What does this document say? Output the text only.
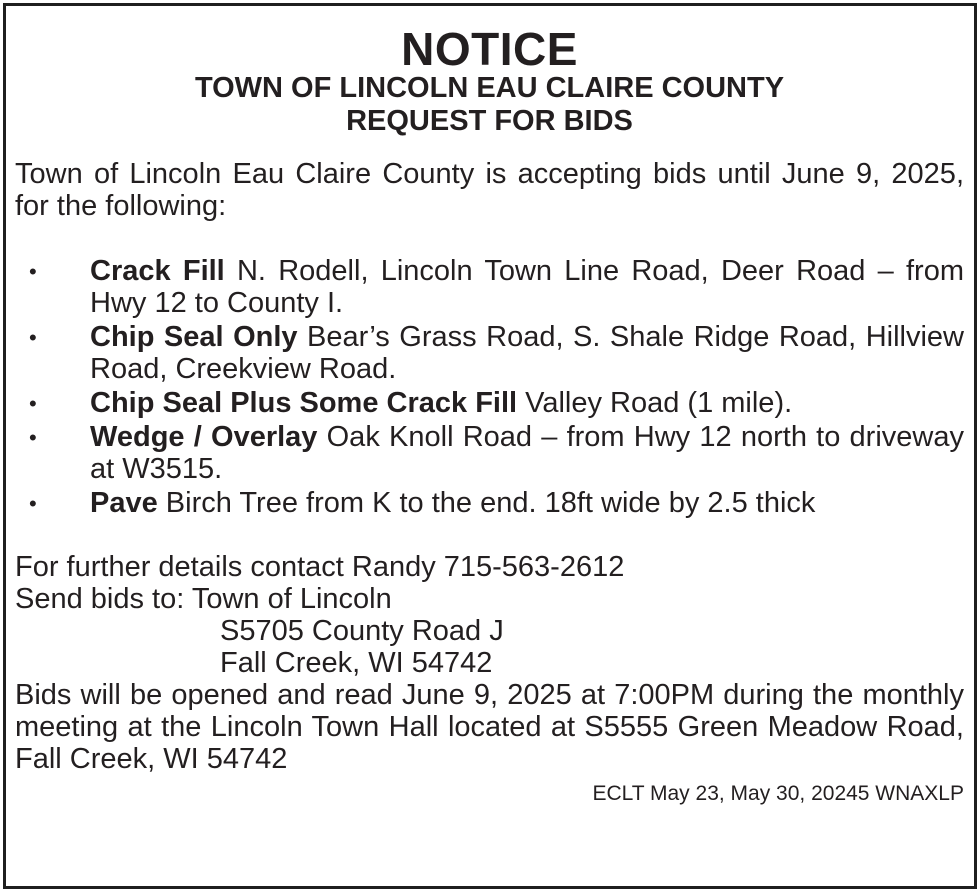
NOTICE
TOWN OF LINCOLN EAU CLAIRE COUNTY
REQUEST FOR BIDS

Town of Lincoln Eau Claire County is accepting bids until June 9, 2025, for the following:

• Crack Fill N. Rodell, Lincoln Town Line Road, Deer Road – from Hwy 12 to County I.
• Chip Seal Only Bear’s Grass Road, S. Shale Ridge Road, Hillview Road, Creekview Road.
• Chip Seal Plus Some Crack Fill Valley Road (1 mile).
• Wedge / Overlay Oak Knoll Road – from Hwy 12 north to driveway at W3515.
• Pave Birch Tree from K to the end. 18ft wide by 2.5 thick
For further details contact Randy 715-563-2612
Send bids to: Town of Lincoln
S5705 County Road J
Fall Creek, WI 54742

Bids will be opened and read June 9, 2025 at 7:00PM during the monthly meeting at the Lincoln Town Hall located at S5555 Green Meadow Road, Fall Creek, WI 54742

ECLT May 23, May 30, 20245 WNAXLP
